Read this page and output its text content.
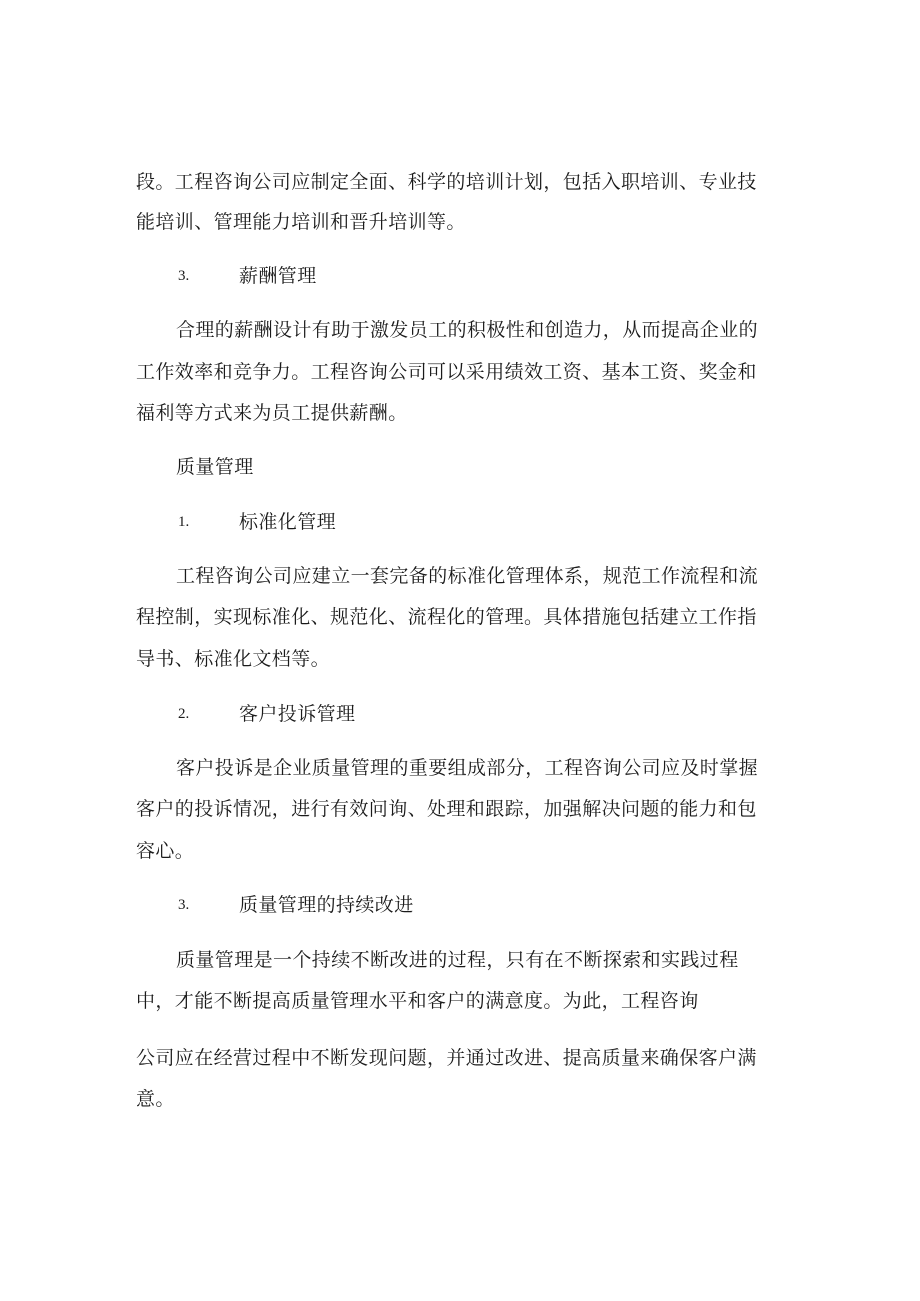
段。工程咨询公司应制定全面、科学的培训计划，包括入职培训、专业技
能培训、管理能力培训和晋升培训等。
3.	薪酬管理
合理的薪酬设计有助于激发员工的积极性和创造力，从而提高企业的
工作效率和竞争力。工程咨询公司可以采用绩效工资、基本工资、奖金和
福利等方式来为员工提供薪酬。
质量管理
1.	标准化管理
工程咨询公司应建立一套完备的标准化管理体系，规范工作流程和流
程控制，实现标准化、规范化、流程化的管理。具体措施包括建立工作指
导书、标准化文档等。
2.	客户投诉管理
客户投诉是企业质量管理的重要组成部分，工程咨询公司应及时掌握
客户的投诉情况，进行有效问询、处理和跟踪，加强解决问题的能力和包
容心。
3.	质量管理的持续改进
质量管理是一个持续不断改进的过程，只有在不断探索和实践过程
中，才能不断提高质量管理水平和客户的满意度。为此，工程咨询
公司应在经营过程中不断发现问题，并通过改进、提高质量来确保客户满
意。
